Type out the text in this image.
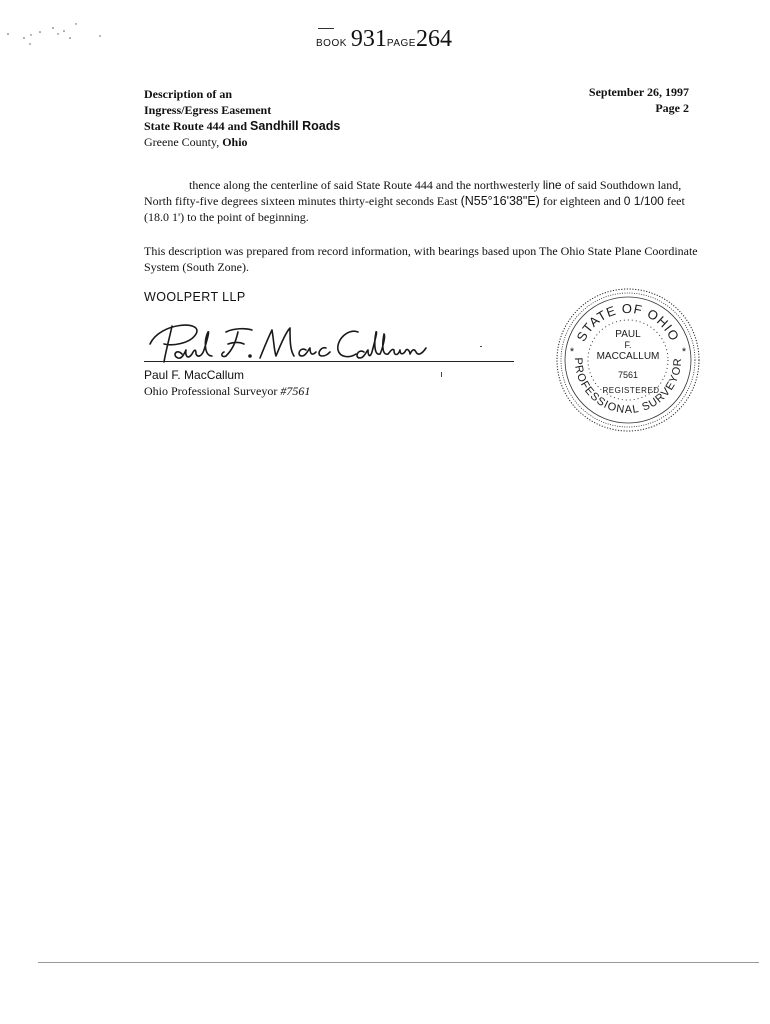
BOOK 931PAGE264
Description of an
Ingress/Egress Easement
State Route 444 and Sandhill Roads
Greene County, Ohio
September 26, 1997
Page 2
thence along the centerline of said State Route 444 and the northwesterly line of said Southdown land, North fifty-five degrees sixteen minutes thirty-eight seconds East (N55°16'38"E) for eighteen and 0 1/100 feet (18.0 1') to the point of beginning.
This description was prepared from record information, with bearings based upon The Ohio State Plane Coordinate System (South Zone).
WOOLPERT LLP
Paul F. MacCallum
Ohio Professional Surveyor #7561
STATE OF OHIO
PROFESSIONAL SURVEYOR
PAUL
F.
MACCALLUM
7561
REGISTERED
*	*
